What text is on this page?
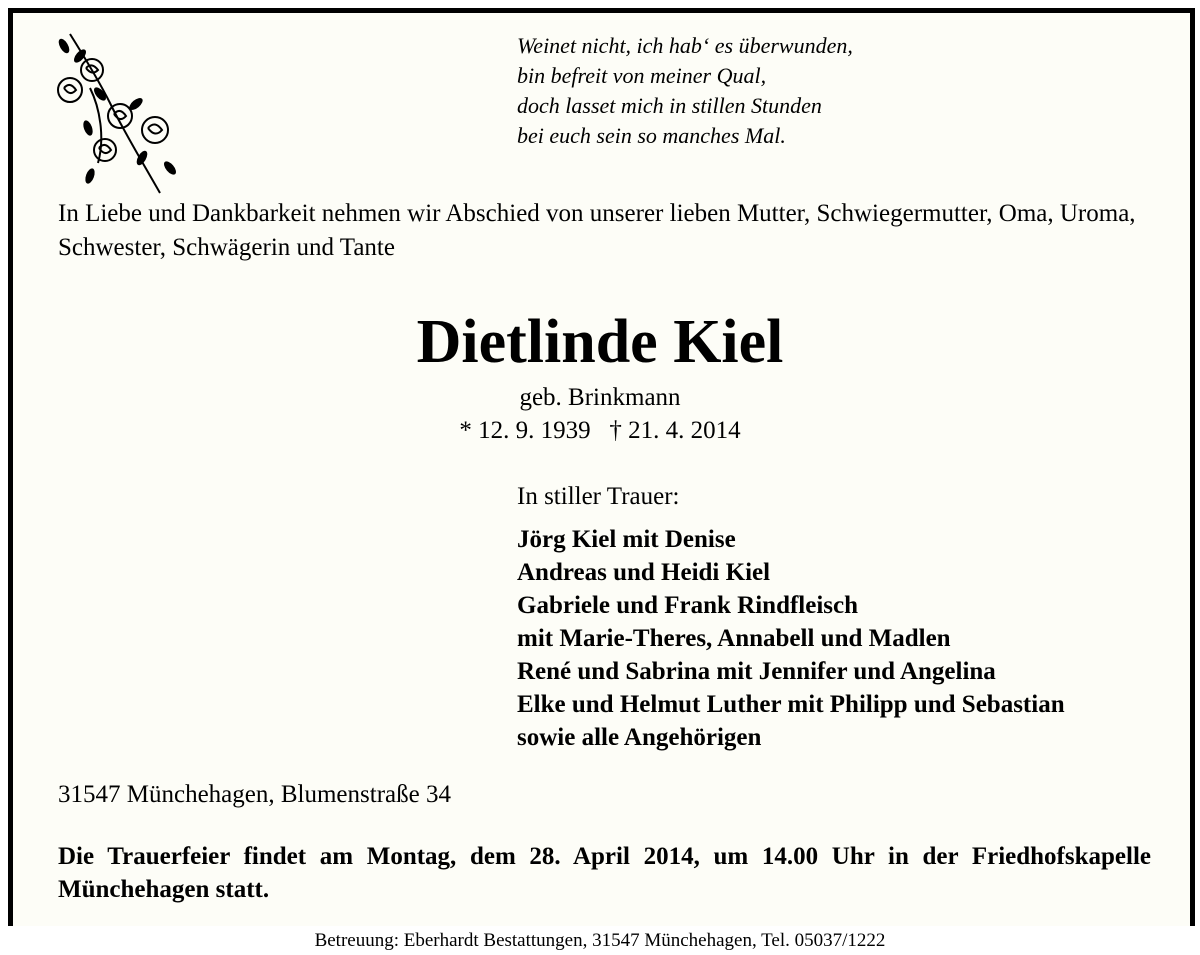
Weinet nicht, ich hab‘ es überwunden,
bin befreit von meiner Qual,
doch lasset mich in stillen Stunden
bei euch sein so manches Mal.
In Liebe und Dankbarkeit nehmen wir Abschied von unserer lieben Mutter, Schwiegermutter, Oma, Uroma, Schwester, Schwägerin und Tante
Dietlinde Kiel
geb. Brinkmann
* 12. 9. 1939   † 21. 4. 2014
In stiller Trauer:
Jörg Kiel mit Denise
Andreas und Heidi Kiel
Gabriele und Frank Rindfleisch
mit Marie-Theres, Annabell und Madlen
René und Sabrina mit Jennifer und Angelina
Elke und Helmut Luther mit Philipp und Sebastian
sowie alle Angehörigen
31547 Münchehagen, Blumenstraße 34
Die Trauerfeier findet am Montag, dem 28. April 2014, um 14.00 Uhr in der Friedhofskapelle Münchehagen statt.
Betreuung: Eberhardt Bestattungen, 31547 Münchehagen, Tel. 05037/1222
